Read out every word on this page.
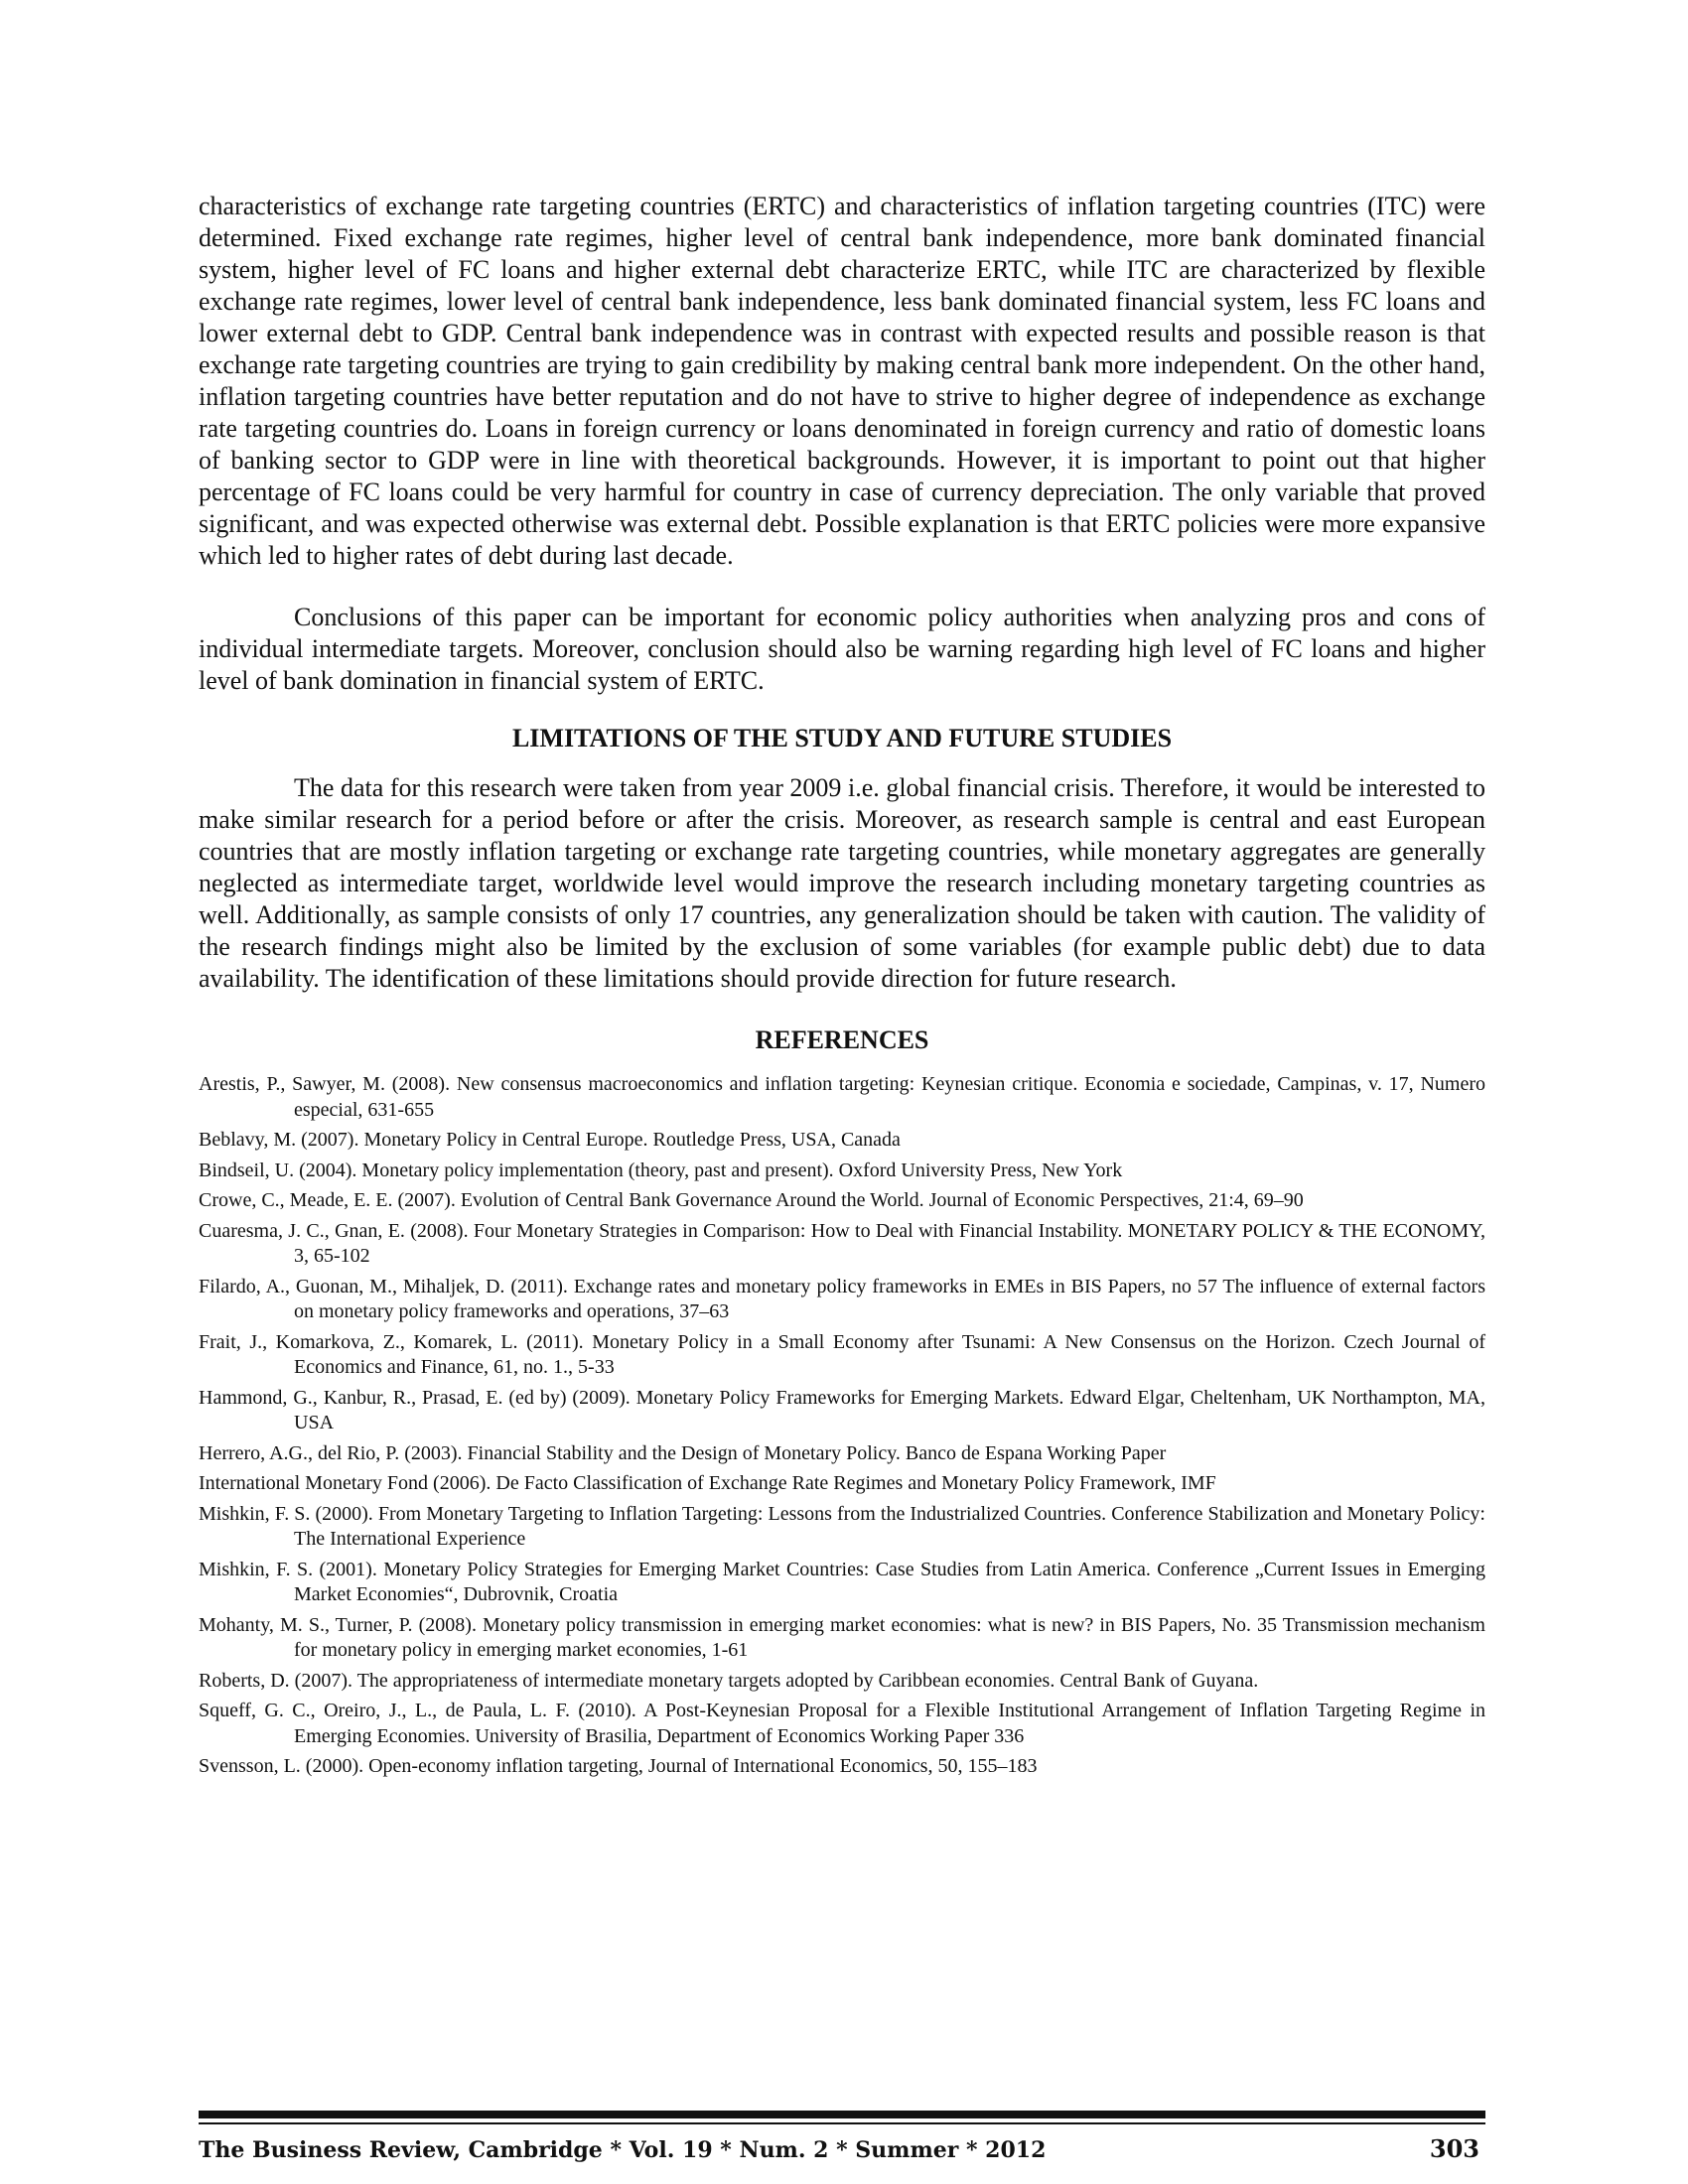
characteristics of exchange rate targeting countries (ERTC) and characteristics of inflation targeting countries (ITC) were determined. Fixed exchange rate regimes, higher level of central bank independence, more bank dominated financial system, higher level of FC loans and higher external debt characterize ERTC, while ITC are characterized by flexible exchange rate regimes, lower level of central bank independence, less bank dominated financial system, less FC loans and lower external debt to GDP. Central bank independence was in contrast with expected results and possible reason is that exchange rate targeting countries are trying to gain credibility by making central bank more independent. On the other hand, inflation targeting countries have better reputation and do not have to strive to higher degree of independence as exchange rate targeting countries do. Loans in foreign currency or loans denominated in foreign currency and ratio of domestic loans of banking sector to GDP were in line with theoretical backgrounds. However, it is important to point out that higher percentage of FC loans could be very harmful for country in case of currency depreciation. The only variable that proved significant, and was expected otherwise was external debt. Possible explanation is that ERTC policies were more expansive which led to higher rates of debt during last decade.

Conclusions of this paper can be important for economic policy authorities when analyzing pros and cons of individual intermediate targets. Moreover, conclusion should also be warning regarding high level of FC loans and higher level of bank domination in financial system of ERTC.

LIMITATIONS OF THE STUDY AND FUTURE STUDIES

The data for this research were taken from year 2009 i.e. global financial crisis. Therefore, it would be interested to make similar research for a period before or after the crisis. Moreover, as research sample is central and east European countries that are mostly inflation targeting or exchange rate targeting countries, while monetary aggregates are generally neglected as intermediate target, worldwide level would improve the research including monetary targeting countries as well. Additionally, as sample consists of only 17 countries, any generalization should be taken with caution. The validity of the research findings might also be limited by the exclusion of some variables (for example public debt) due to data availability. The identification of these limitations should provide direction for future research.

REFERENCES
Arestis, P., Sawyer, M. (2008). New consensus macroeconomics and inflation targeting: Keynesian critique. Economia e sociedade, Campinas, v. 17, Numero especial, 631-655
Beblavy, M. (2007). Monetary Policy in Central Europe. Routledge Press, USA, Canada
Bindseil, U. (2004). Monetary policy implementation (theory, past and present). Oxford University Press, New York
Crowe, C., Meade, E. E. (2007). Evolution of Central Bank Governance Around the World. Journal of Economic Perspectives, 21:4, 69–90
Cuaresma, J. C., Gnan, E. (2008). Four Monetary Strategies in Comparison: How to Deal with Financial Instability. MONETARY POLICY & THE ECONOMY, 3, 65-102
Filardo, A., Guonan, M., Mihaljek, D. (2011). Exchange rates and monetary policy frameworks in EMEs in BIS Papers, no 57 The influence of external factors on monetary policy frameworks and operations, 37–63
Frait, J., Komarkova, Z., Komarek, L. (2011). Monetary Policy in a Small Economy after Tsunami: A New Consensus on the Horizon. Czech Journal of Economics and Finance, 61, no. 1., 5-33
Hammond, G., Kanbur, R., Prasad, E. (ed by) (2009). Monetary Policy Frameworks for Emerging Markets. Edward Elgar, Cheltenham, UK Northampton, MA, USA
Herrero, A.G., del Rio, P. (2003). Financial Stability and the Design of Monetary Policy. Banco de Espana Working Paper
International Monetary Fond (2006). De Facto Classification of Exchange Rate Regimes and Monetary Policy Framework, IMF
Mishkin, F. S. (2000). From Monetary Targeting to Inflation Targeting: Lessons from the Industrialized Countries. Conference Stabilization and Monetary Policy: The International Experience
Mishkin, F. S. (2001). Monetary Policy Strategies for Emerging Market Countries: Case Studies from Latin America. Conference „Current Issues in Emerging Market Economies“, Dubrovnik, Croatia
Mohanty, M. S., Turner, P. (2008). Monetary policy transmission in emerging market economies: what is new? in BIS Papers, No. 35 Transmission mechanism for monetary policy in emerging market economies, 1-61
Roberts, D. (2007). The appropriateness of intermediate monetary targets adopted by Caribbean economies. Central Bank of Guyana.
Squeff, G. C., Oreiro, J., L., de Paula, L. F. (2010). A Post-Keynesian Proposal for a Flexible Institutional Arrangement of Inflation Targeting Regime in Emerging Economies. University of Brasilia, Department of Economics Working Paper 336
Svensson, L. (2000). Open-economy inflation targeting, Journal of International Economics, 50, 155–183
The Business Review, Cambridge * Vol. 19 * Num. 2 * Summer * 2012	303
